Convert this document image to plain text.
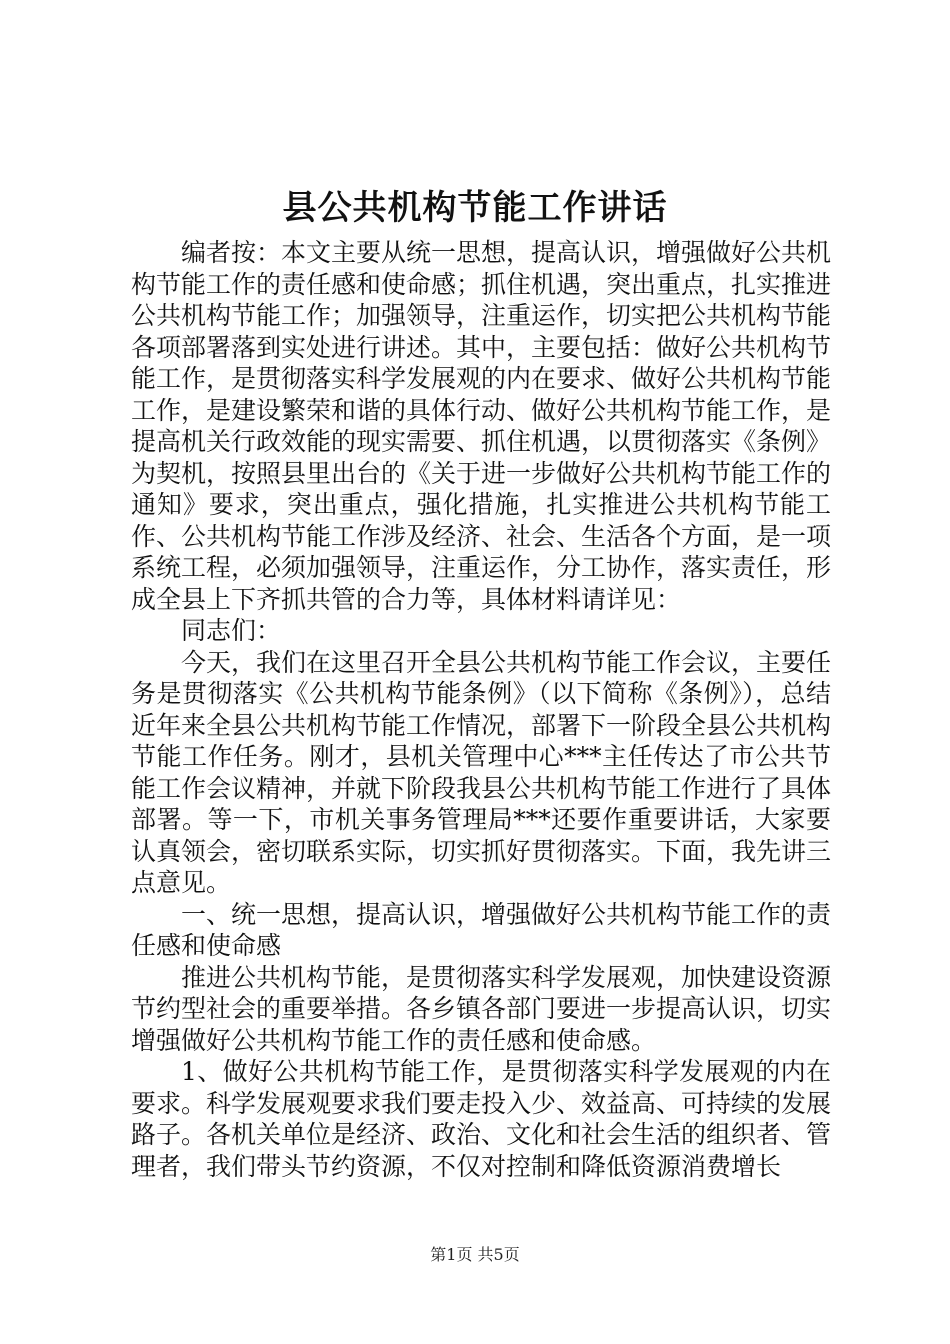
县公共机构节能工作讲话

编者按：本文主要从统一思想，提高认识，增强做好公共机构节能工作的责任感和使命感；抓住机遇，突出重点，扎实推进公共机构节能工作；加强领导，注重运作，切实把公共机构节能各项部署落到实处进行讲述。其中，主要包括：做好公共机构节能工作，是贯彻落实科学发展观的内在要求、做好公共机构节能工作，是建设繁荣和谐的具体行动、做好公共机构节能工作，是提高机关行政效能的现实需要、抓住机遇，以贯彻落实《条例》为契机，按照县里出台的《关于进一步做好公共机构节能工作的通知》要求，突出重点，强化措施，扎实推进公共机构节能工作、公共机构节能工作涉及经济、社会、生活各个方面，是一项系统工程，必须加强领导，注重运作，分工协作，落实责任，形成全县上下齐抓共管的合力等，具体材料请详见：

同志们：

今天，我们在这里召开全县公共机构节能工作会议，主要任务是贯彻落实《公共机构节能条例》（以下简称《条例》），总结近年来全县公共机构节能工作情况，部署下一阶段全县公共机构节能工作任务。刚才，县机关管理中心***主任传达了市公共节能工作会议精神，并就下阶段我县公共机构节能工作进行了具体部署。等一下，市机关事务管理局***还要作重要讲话，大家要认真领会，密切联系实际，切实抓好贯彻落实。下面，我先讲三点意见。

一、统一思想，提高认识，增强做好公共机构节能工作的责任感和使命感

推进公共机构节能，是贯彻落实科学发展观，加快建设资源节约型社会的重要举措。各乡镇各部门要进一步提高认识，切实增强做好公共机构节能工作的责任感和使命感。

1、做好公共机构节能工作，是贯彻落实科学发展观的内在要求。科学发展观要求我们要走投入少、效益高、可持续的发展路子。各机关单位是经济、政治、文化和社会生活的组织者、管理者，我们带头节约资源，不仅对控制和降低资源消费增长

第1页 共5页
